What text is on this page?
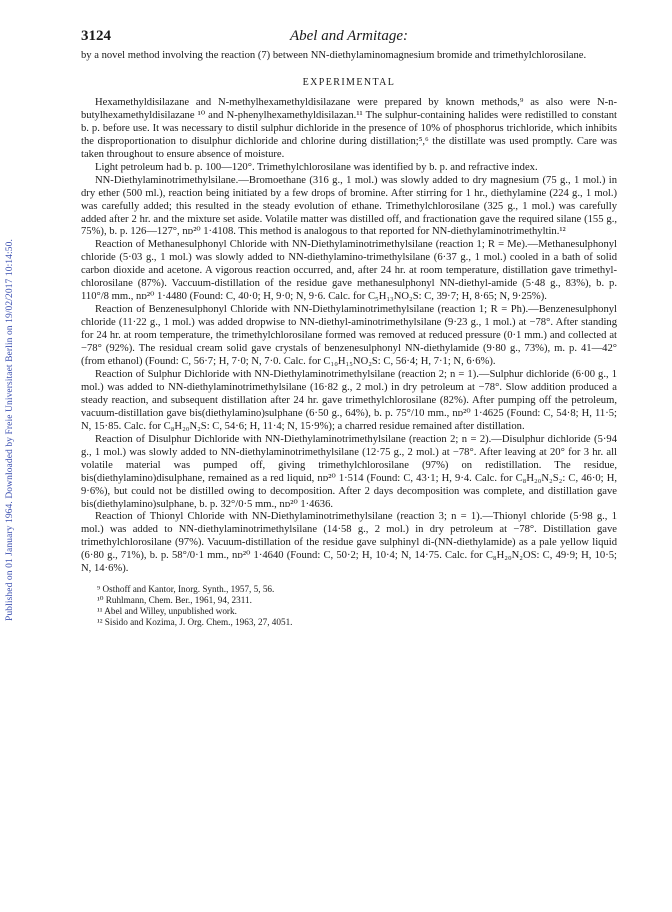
Published on 01 January 1964. Downloaded by Freie Universitaet Berlin on 19/02/2017 10:14:50.
3124	Abel and Armitage:

by a novel method involving the reaction (7) between NN-diethylaminomagnesium bromide and trimethylchlorosilane.

EXPERIMENTAL

Hexamethyldisilazane and N-methylhexamethyldisilazane were prepared by known methods,⁹ as also were N-n-butylhexamethyldisilazane ¹⁰ and N-phenylhexamethyldisilazan.¹¹ The sulphur-containing halides were redistilled to constant b. p. before use. It was necessary to distil sulphur dichloride in the presence of 10% of phosphorus trichloride, which inhibits the disproportionation to disulphur dichloride and chlorine during distillation;⁵,⁶ the distillate was used promptly. Care was taken throughout to ensure absence of moisture.

Light petroleum had b. p. 100—120°. Trimethylchlorosilane was identified by b. p. and refractive index.

NN-Diethylaminotrimethylsilane.—Bromoethane (316 g., 1 mol.) was slowly added to dry magnesium (75 g., 1 mol.) in dry ether (500 ml.), reaction being initiated by a few drops of bromine. After stirring for 1 hr., diethylamine (224 g., 1 mol.) was carefully added; this resulted in the steady evolution of ethane. Trimethylchlorosilane (325 g., 1 mol.) was carefully added after 2 hr. and the mixture set aside. Volatile matter was distilled off, and fractionation gave the required silane (155 g., 75%), b. p. 126—127°, nᴅ²⁰ 1·4108. This method is analogous to that reported for NN-diethylaminotrimethyltin.¹²

Reaction of Methanesulphonyl Chloride with NN-Diethylaminotrimethylsilane (reaction 1; R = Me).—Methanesulphonyl chloride (5·03 g., 1 mol.) was slowly added to NN-diethylamino-trimethylsilane (6·37 g., 1 mol.) cooled in a bath of solid carbon dioxide and acetone. A vigorous reaction occurred, and, after 24 hr. at room temperature, distillation gave trimethyl-chlorosilane (87%). Vaccuum-distillation of the residue gave methanesulphonyl NN-diethyl-amide (5·48 g., 83%), b. p. 110°/8 mm., nᴅ²⁰ 1·4480 (Found: C, 40·0; H, 9·0; N, 9·6. Calc. for C₅H₁₃NO₂S: C, 39·7; H, 8·65; N, 9·25%).

Reaction of Benzenesulphonyl Chloride with NN-Diethylaminotrimethylsilane (reaction 1; R = Ph).—Benzenesulphonyl chloride (11·22 g., 1 mol.) was added dropwise to NN-diethyl-aminotrimethylsilane (9·23 g., 1 mol.) at −78°. After standing for 24 hr. at room temperature, the trimethylchlorosilane formed was removed at reduced pressure (0·1 mm.) and collected at −78° (92%). The residual cream solid gave crystals of benzenesulphonyl NN-diethylamide (9·80 g., 73%), m. p. 41—42° (from ethanol) (Found: C, 56·7; H, 7·0; N, 7·0. Calc. for C₁₀H₁₅NO₂S: C, 56·4; H, 7·1; N, 6·6%).

Reaction of Sulphur Dichloride with NN-Diethylaminotrimethylsilane (reaction 2; n = 1).—Sulphur dichloride (6·00 g., 1 mol.) was added to NN-diethylaminotrimethylsilane (16·82 g., 2 mol.) in dry petroleum at −78°. Slow addition produced a steady reaction, and subsequent distillation after 24 hr. gave trimethylchlorosilane (82%). After pumping off the petroleum, vacuum-distillation gave bis(diethylamino)sulphane (6·50 g., 64%), b. p. 75°/10 mm., nᴅ²⁰ 1·4625 (Found: C, 54·8; H, 11·5; N, 15·85. Calc. for C₈H₂₀N₂S: C, 54·6; H, 11·4; N, 15·9%); a charred residue remained after distillation.

Reaction of Disulphur Dichloride with NN-Diethylaminotrimethylsilane (reaction 2; n = 2).—Disulphur dichloride (5·94 g., 1 mol.) was slowly added to NN-diethylaminotrimethylsilane (12·75 g., 2 mol.) at −78°. After leaving at 20° for 3 hr. all volatile material was pumped off, giving trimethylchlorosilane (97%) on redistillation. The residue, bis(diethylamino)disulphane, remained as a red liquid, nᴅ²⁰ 1·514 (Found: C, 43·1; H, 9·4. Calc. for C₈H₂₀N₂S₂: C, 46·0; H, 9·6%), but could not be distilled owing to decomposition. After 2 days decomposition was complete, and distillation gave bis(diethylamino)sulphane, b. p. 32°/0·5 mm., nᴅ²⁰ 1·4636.

Reaction of Thionyl Chloride with NN-Diethylaminotrimethylsilane (reaction 3; n = 1).—Thionyl chloride (5·98 g., 1 mol.) was added to NN-diethylaminotrimethylsilane (14·58 g., 2 mol.) in dry petroleum at −78°. Distillation gave trimethylchlorosilane (97%). Vacuum-distillation of the residue gave sulphinyl di-(NN-diethylamide) as a pale yellow liquid (6·80 g., 71%), b. p. 58°/0·1 mm., nᴅ²⁰ 1·4640 (Found: C, 50·2; H, 10·4; N, 14·75. Calc. for C₈H₂₀N₂OS: C, 49·9; H, 10·5; N, 14·6%).

⁹ Osthoff and Kantor, Inorg. Synth., 1957, 5, 56.

¹⁰ Ruhlmann, Chem. Ber., 1961, 94, 2311.

¹¹ Abel and Willey, unpublished work.

¹² Sisido and Kozima, J. Org. Chem., 1963, 27, 4051.
